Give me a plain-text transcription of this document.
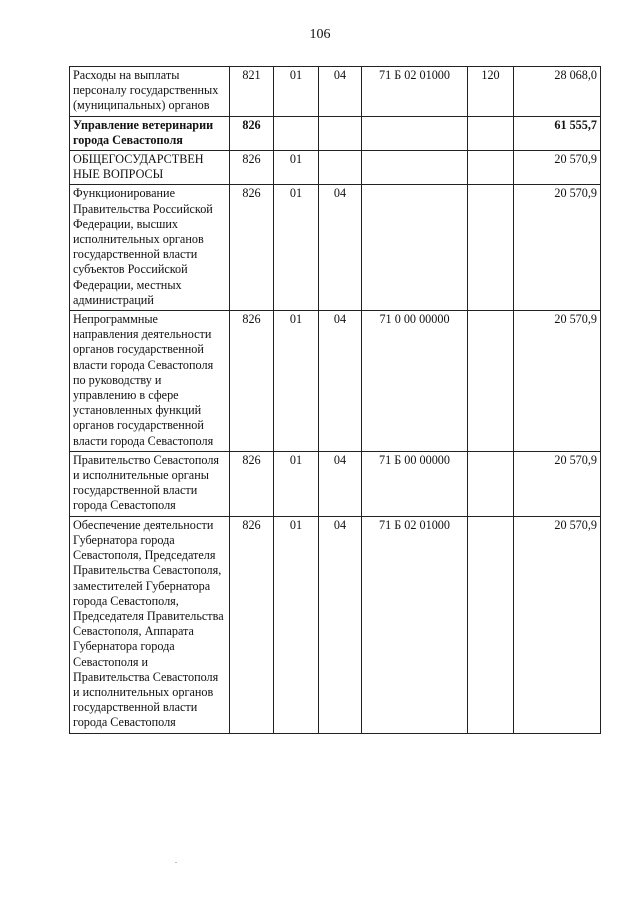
106
Расходы на выплаты персоналу государственных (муниципальных) органов	821	01	04	71 Б 02 01000	120	28 068,0
Управление ветеринарии города Севастополя	826					61 555,7
ОБЩЕГОСУДАРСТВЕН НЫЕ ВОПРОСЫ	826	01				20 570,9
Функционирование Правительства Российской Федерации, высших исполнительных органов государственной власти субъектов Российской Федерации, местных администраций	826	01	04			20 570,9
Непрограммные направления деятельности органов государственной власти города Севастополя по руководству и управлению в сфере установленных функций органов государственной власти города Севастополя	826	01	04	71 0 00 00000		20 570,9
Правительство Севастополя и исполнительные органы государственной власти города Севастополя	826	01	04	71 Б 00 00000		20 570,9
Обеспечение деятельности Губернатора города Севастополя, Председателя Правительства Севастополя, заместителей Губернатора города Севастополя, Председателя Правительства Севастополя, Аппарата Губернатора города Севастополя и Правительства Севастополя и исполнительных органов государственной власти города Севастополя	826	01	04	71 Б 02 01000		20 570,9
